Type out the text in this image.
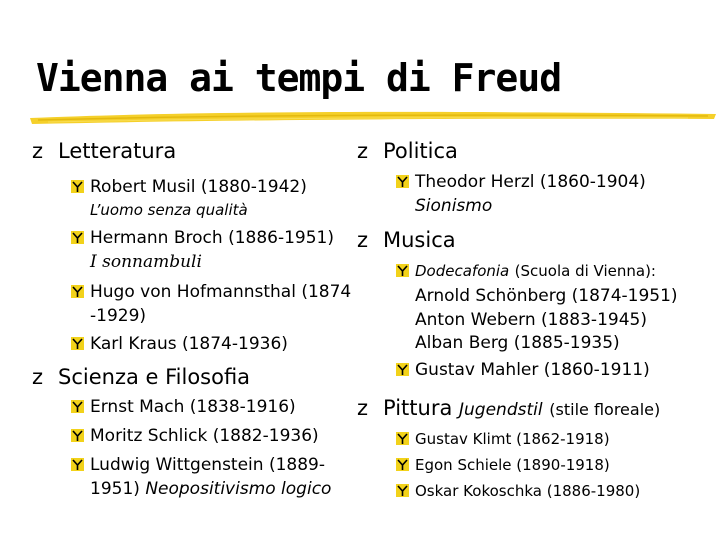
Vienna ai tempi di Freud
z Letteratura
Robert Musil (1880-1942)
L’uomo senza qualità
Hermann Broch (1886-1951)
I sonnambuli
Hugo von Hofmannsthal (1874
-1929)
Karl Kraus (1874-1936)
z Scienza e Filosofia
Ernst Mach (1838-1916)
Moritz Schlick (1882-1936)
Ludwig Wittgenstein (1889-
1951) Neopositivismo logico
z Politica
Theodor Herzl (1860-1904)
Sionismo
z Musica
Dodecafonia (Scuola di Vienna):
Arnold Schönberg (1874-1951)
Anton Webern (1883-1945)
Alban Berg (1885-1935)
Gustav Mahler (1860-1911)
z Pittura Jugendstil (stile floreale)
Gustav Klimt (1862-1918)
Egon Schiele (1890-1918)
Oskar Kokoschka (1886-1980)
